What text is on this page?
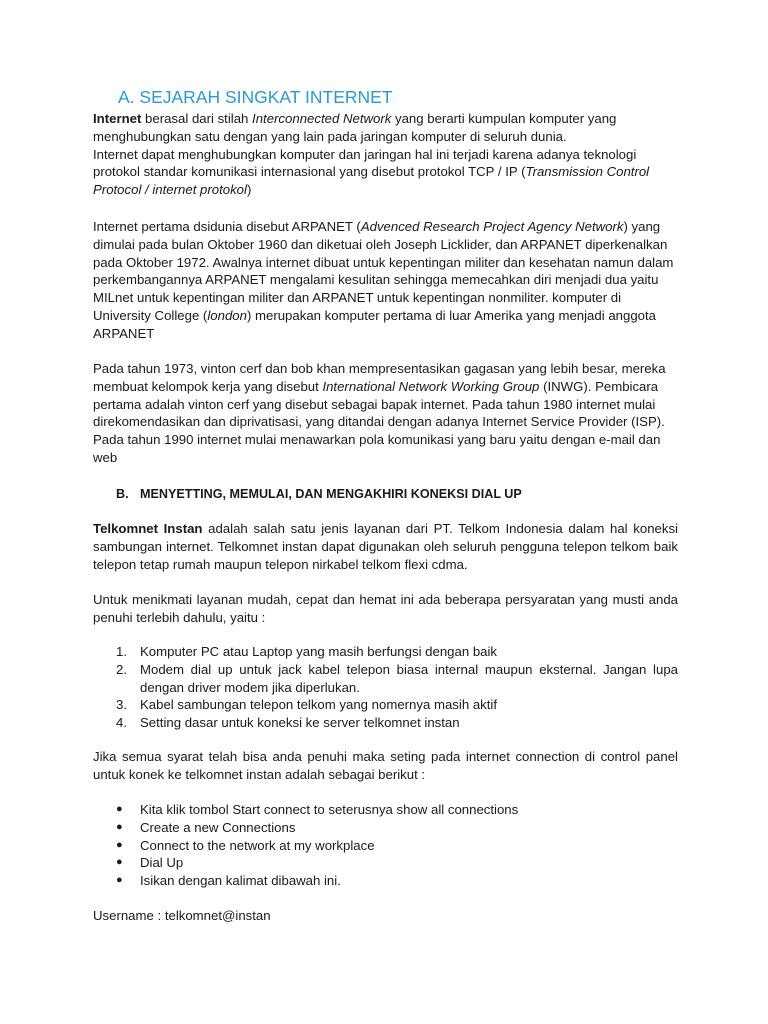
A. SEJARAH SINGKAT INTERNET

Internet berasal dari stilah Interconnected Network yang berarti kumpulan komputer yang menghubungkan satu dengan yang lain pada jaringan komputer di seluruh dunia.

Internet dapat menghubungkan komputer dan jaringan hal ini terjadi karena adanya teknologi protokol standar komunikasi internasional yang disebut protokol TCP / IP (Transmission Control Protocol / internet protokol)

Internet pertama dsidunia disebut ARPANET (Advenced Research Project Agency Network) yang dimulai pada bulan Oktober 1960 dan diketuai oleh Joseph Licklider, dan ARPANET diperkenalkan pada Oktober 1972. Awalnya internet dibuat untuk kepentingan militer dan kesehatan namun dalam perkembangannya ARPANET mengalami kesulitan sehingga memecahkan diri menjadi dua yaitu MILnet untuk kepentingan militer dan ARPANET untuk kepentingan nonmiliter. komputer di University College (london) merupakan komputer pertama di luar Amerika yang menjadi anggota ARPANET

Pada tahun 1973, vinton cerf dan bob khan mempresentasikan gagasan yang lebih besar, mereka membuat kelompok kerja yang disebut International Network Working Group (INWG). Pembicara pertama adalah vinton cerf yang disebut sebagai bapak internet. Pada tahun 1980 internet mulai direkomendasikan dan diprivatisasi, yang ditandai dengan adanya Internet Service Provider (ISP). Pada tahun 1990 internet mulai menawarkan pola komunikasi yang baru yaitu dengan e-mail dan web

B. MENYETTING, MEMULAI, DAN MENGAKHIRI KONEKSI DIAL UP

Telkomnet Instan adalah salah satu jenis layanan dari PT. Telkom Indonesia dalam hal koneksi sambungan internet. Telkomnet instan dapat digunakan oleh seluruh pengguna telepon telkom baik telepon tetap rumah maupun telepon nirkabel telkom flexi cdma.

Untuk menikmati layanan mudah, cepat dan hemat ini ada beberapa persyaratan yang musti anda penuhi terlebih dahulu, yaitu :

1. Komputer PC atau Laptop yang masih berfungsi dengan baik
2. Modem dial up untuk jack kabel telepon biasa internal maupun eksternal. Jangan lupa dengan driver modem jika diperlukan.
3. Kabel sambungan telepon telkom yang nomernya masih aktif
4. Setting dasar untuk koneksi ke server telkomnet instan

Jika semua syarat telah bisa anda penuhi maka seting pada internet connection di control panel untuk konek ke telkomnet instan adalah sebagai berikut :

● Kita klik tombol Start connect to seterusnya show all connections
● Create a new Connections
● Connect to the network at my workplace
● Dial Up
● Isikan dengan kalimat dibawah ini.

Username : telkomnet@instan
